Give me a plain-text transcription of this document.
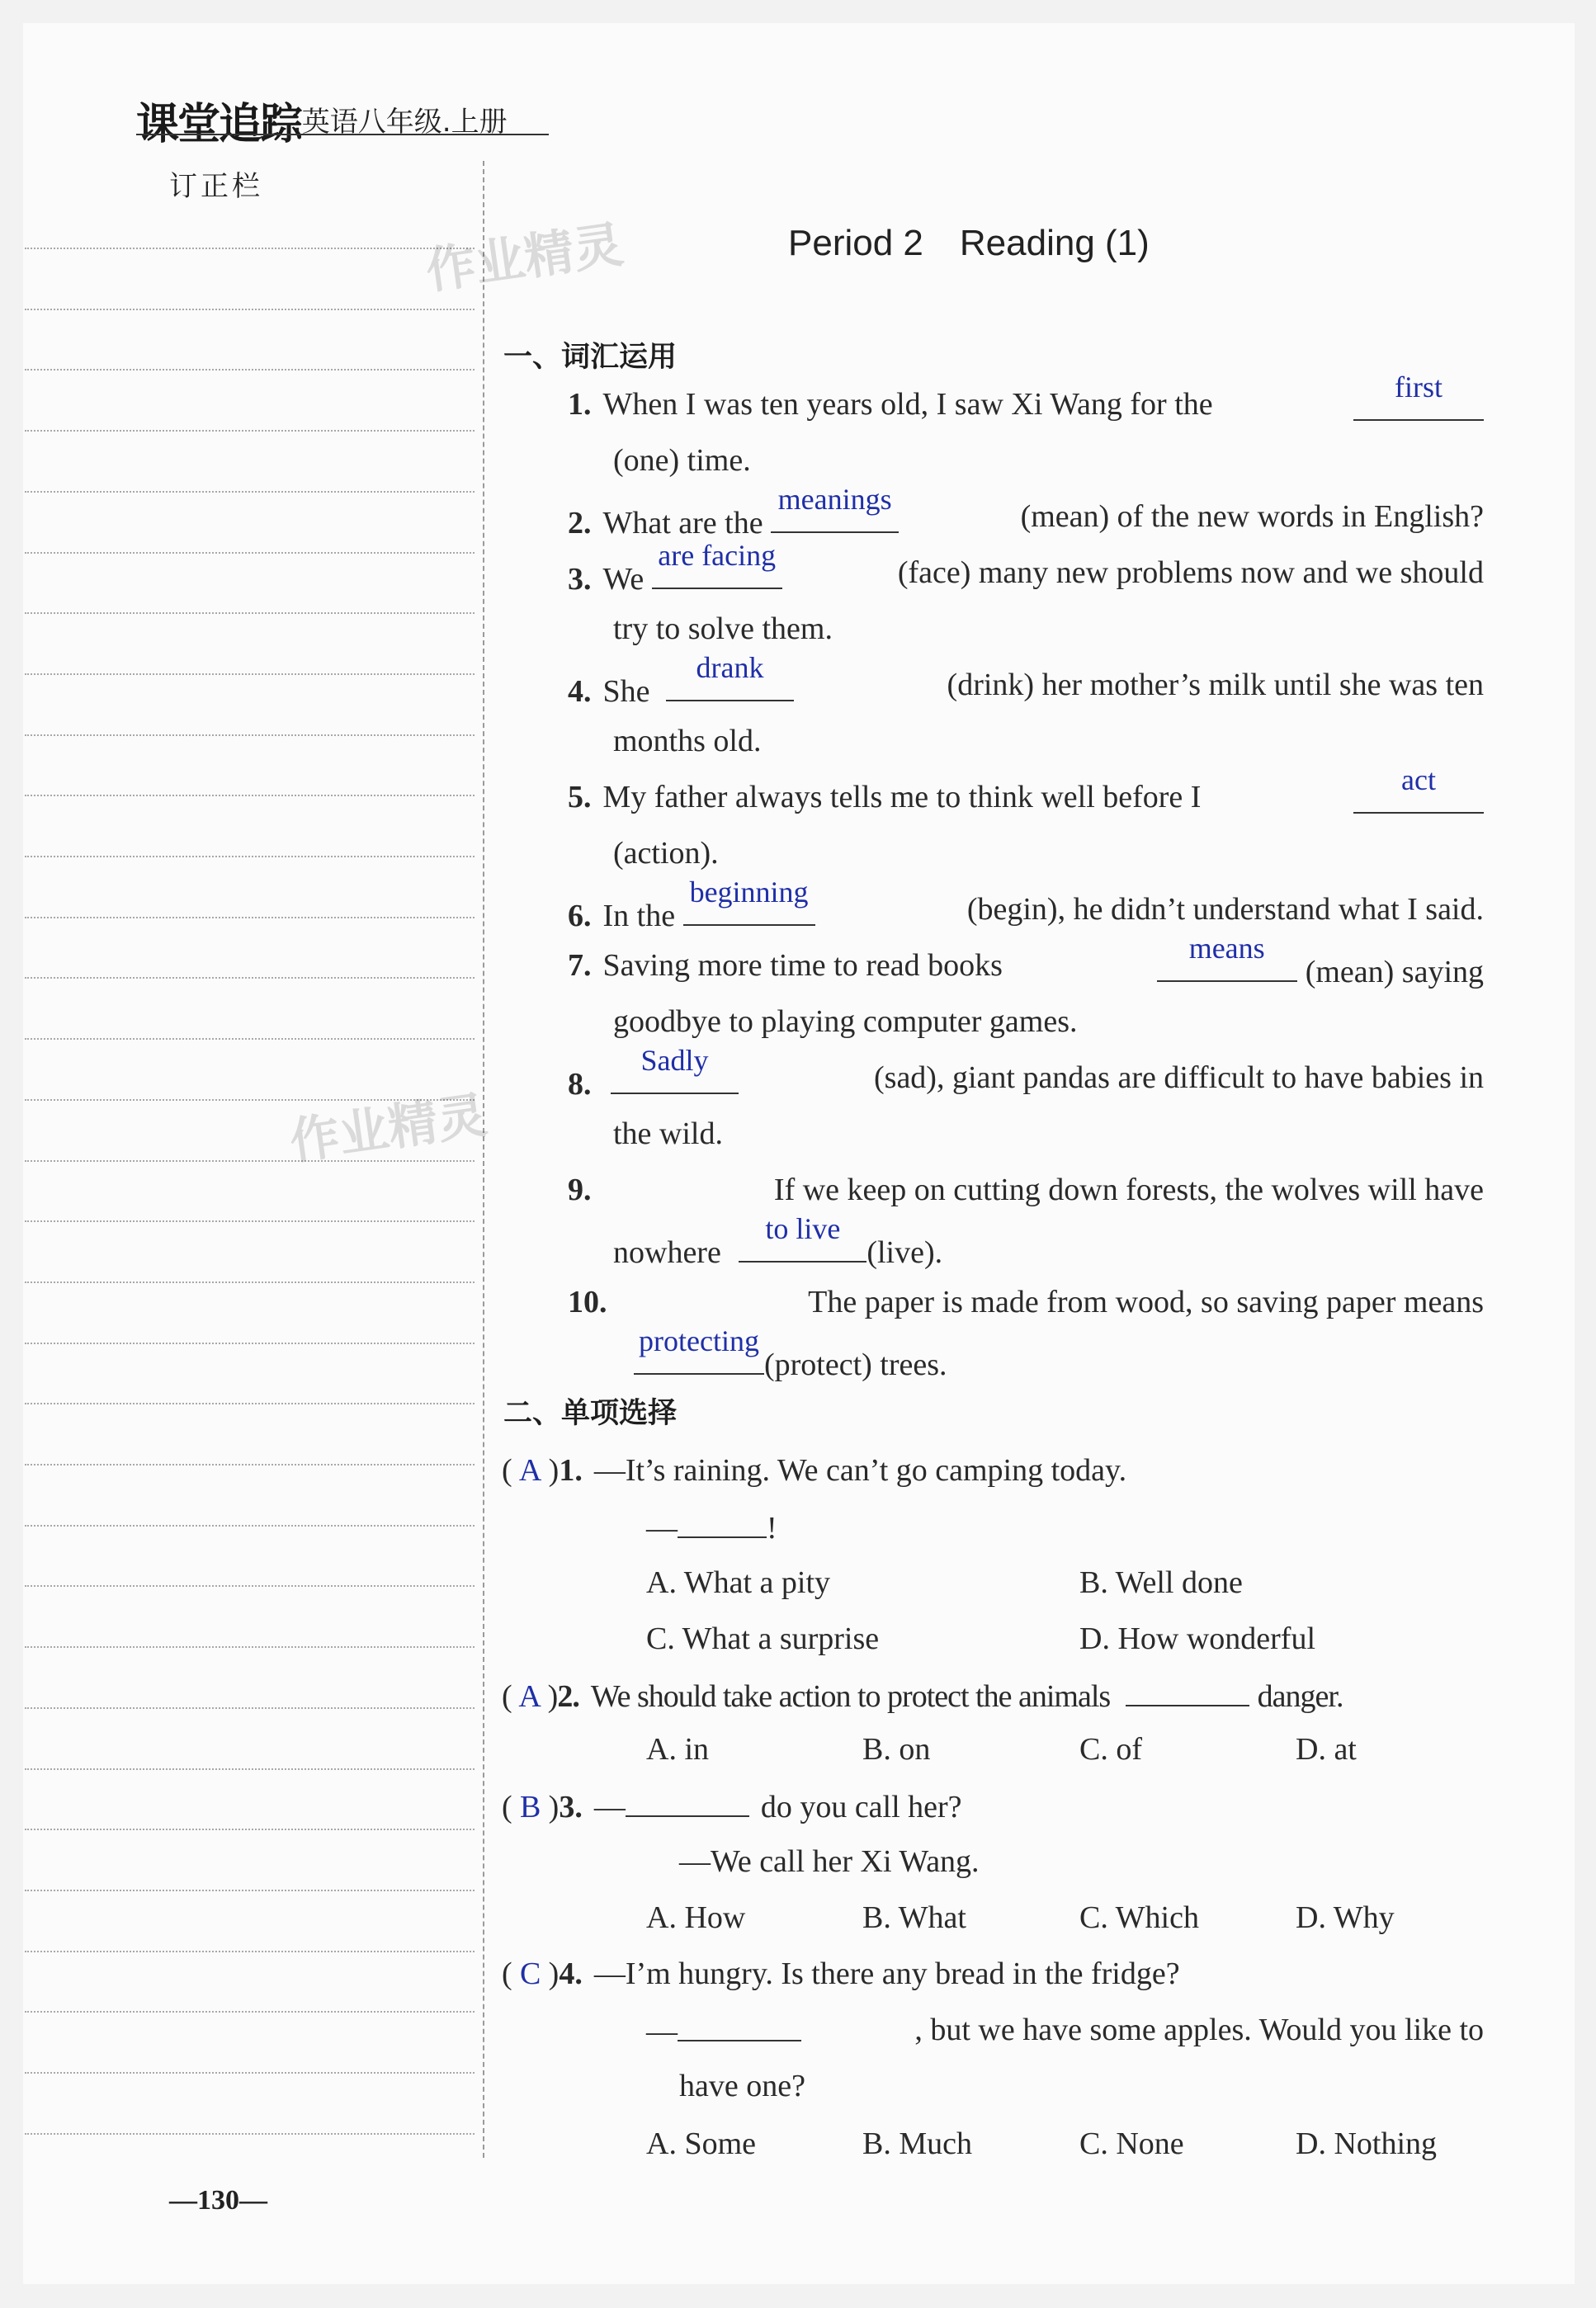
课堂追踪
.英语八年级.上册
订正栏
作业精灵
作业精灵
Period 2　Reading (1)
一、词汇运用
1. When I was ten years old, I saw Xi Wang for the	first
(one) time.
2. What are the
meanings	(mean) of the new words in English?
3. We
are facing	(face) many new problems now and we should
try to solve them.
4. She
drank	(drink) her mother’s milk until she was ten
months old.
5. My father always tells me to think well before I	act
(action).
6. In the
beginning	(begin), he didn’t understand what I said.
7. Saving more time to read books	means
(mean) saying
goodbye to playing computer games.
8.
Sadly	(sad), giant pandas are difficult to have babies in
the wild.
9.	If we keep on cutting down forests, the wolves will have
nowhere
to live
(live).
10.	The paper is made from wood, so saving paper means
protecting
(protect) trees.
二、单项选择
( A )1. —It’s raining. We can’t go camping today.
—	!
A. What a pity	B. Well done
C. What a surprise	D. How wonderful
( A )2. We should take action to protect the animals	danger.
A. in	B. on	C. of	D. at
( B )3. —	do you call her?
—We call her Xi Wang.
A. How	B. What	C. Which	D. Why
( C )4. —I’m hungry. Is there any bread in the fridge?
—	, but we have some apples. Would you like to
have one?
A. Some	B. Much	C. None	D. Nothing
—130—
